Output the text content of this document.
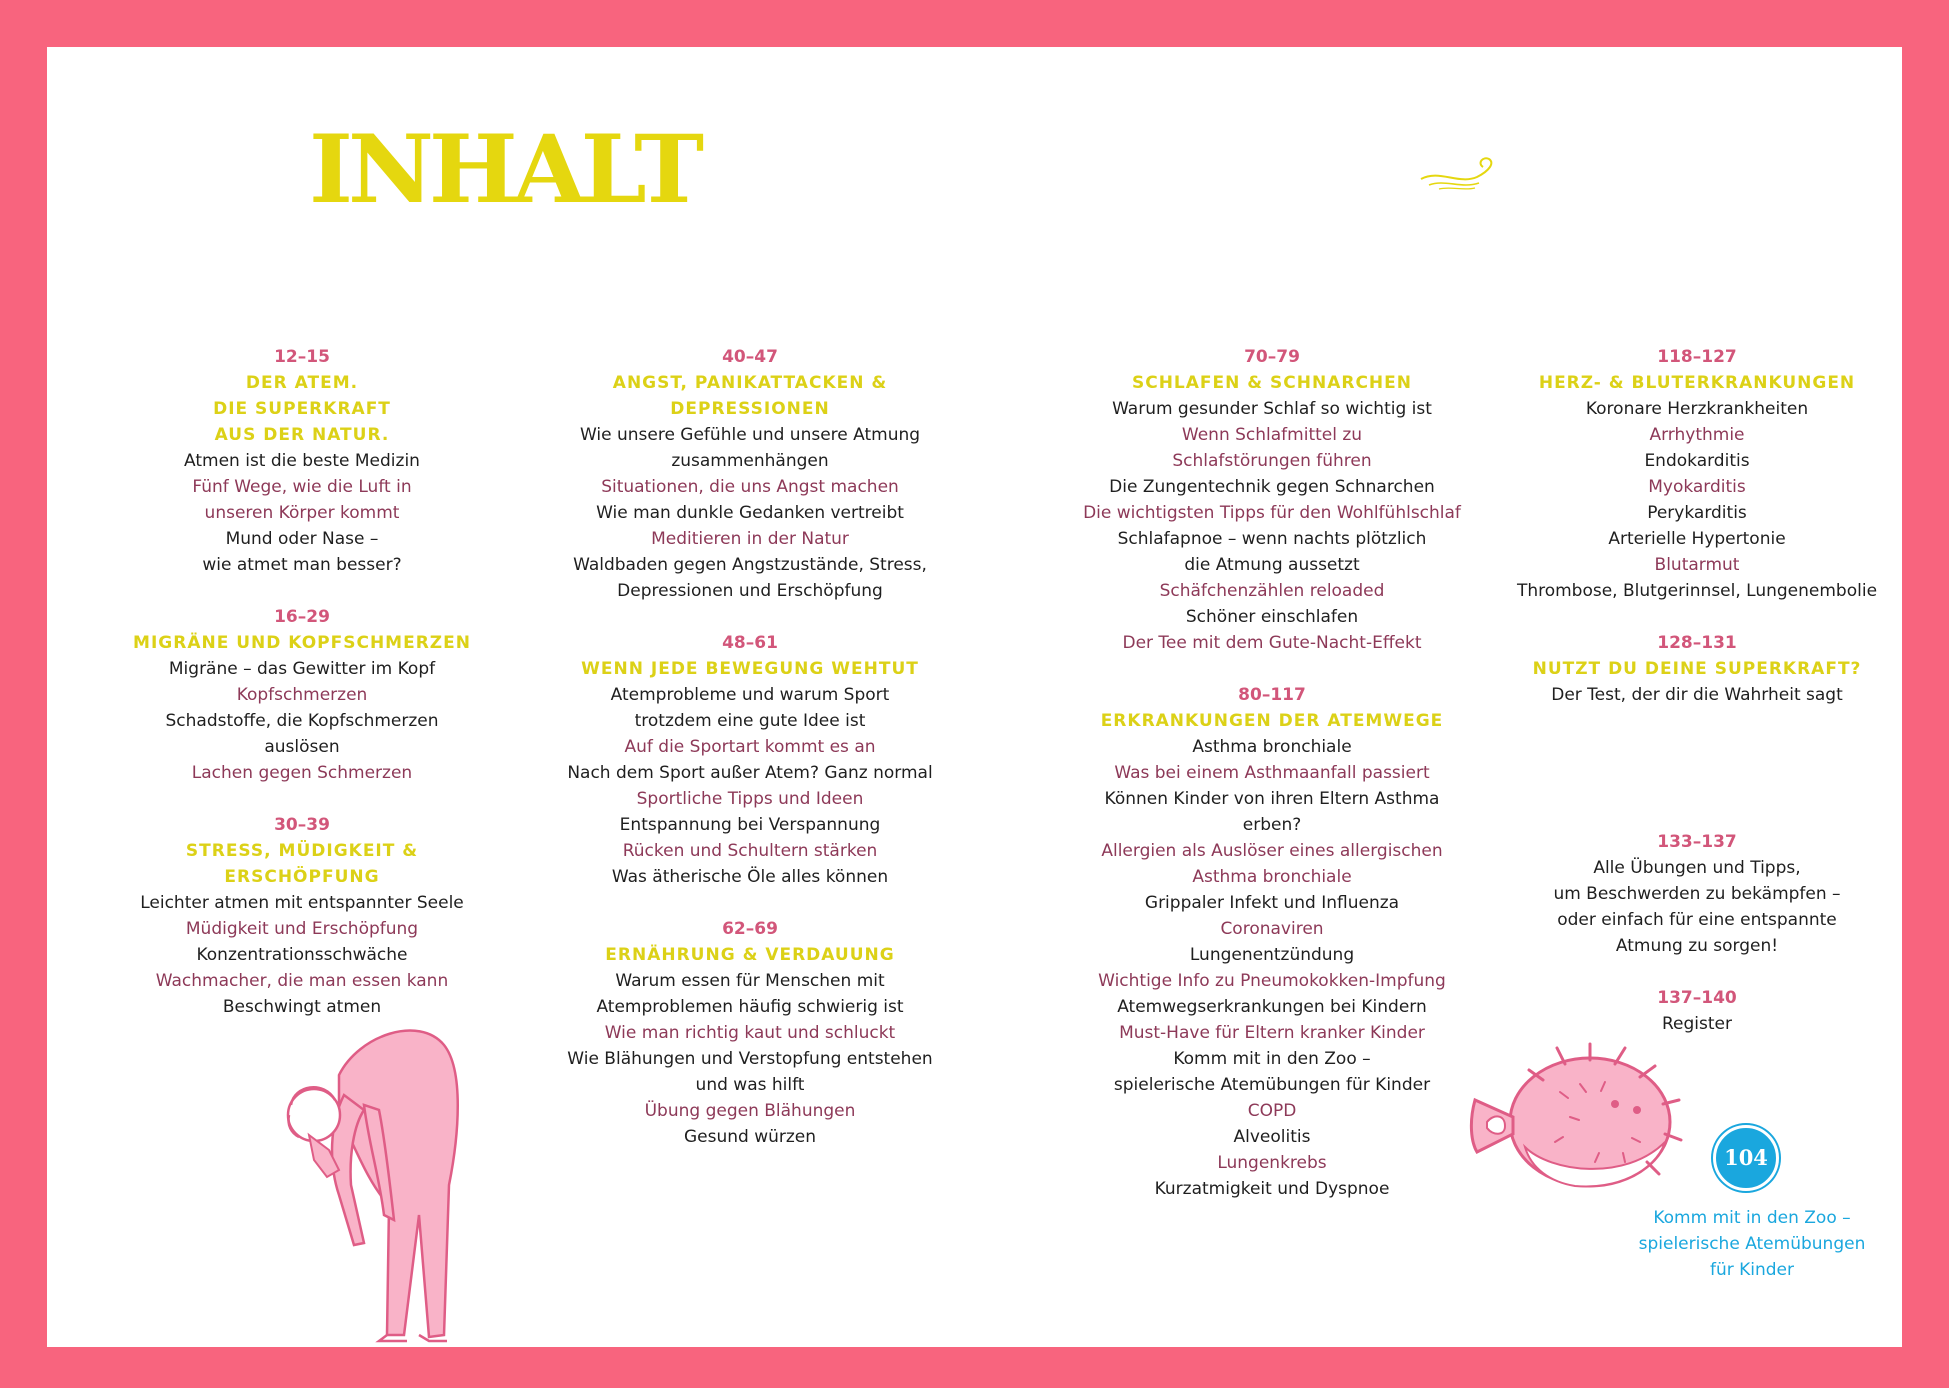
INHALT
12–15
DER ATEM.
DIE SUPERKRAFT
AUS DER NATUR.
Atmen ist die beste Medizin
Fünf Wege, wie die Luft in
unseren Körper kommt
Mund oder Nase –
wie atmet man besser?
16–29
MIGRÄNE UND KOPFSCHMERZEN
Migräne – das Gewitter im Kopf
Kopfschmerzen
Schadstoffe, die Kopfschmerzen
auslösen
Lachen gegen Schmerzen
30–39
STRESS, MÜDIGKEIT &
ERSCHÖPFUNG
Leichter atmen mit entspannter Seele
Müdigkeit und Erschöpfung
Konzentrationsschwäche
Wachmacher, die man essen kann
Beschwingt atmen
40–47
ANGST, PANIKATTACKEN &
DEPRESSIONEN
Wie unsere Gefühle und unsere Atmung
zusammenhängen
Situationen, die uns Angst machen
Wie man dunkle Gedanken vertreibt
Meditieren in der Natur
Waldbaden gegen Angstzustände, Stress,
Depressionen und Erschöpfung
48–61
WENN JEDE BEWEGUNG WEHTUT
Atemprobleme und warum Sport
trotzdem eine gute Idee ist
Auf die Sportart kommt es an
Nach dem Sport außer Atem? Ganz normal
Sportliche Tipps und Ideen
Entspannung bei Verspannung
Rücken und Schultern stärken
Was ätherische Öle alles können
62–69
ERNÄHRUNG & VERDAUUNG
Warum essen für Menschen mit
Atemproblemen häufig schwierig ist
Wie man richtig kaut und schluckt
Wie Blähungen und Verstopfung entstehen
und was hilft
Übung gegen Blähungen
Gesund würzen
70–79
SCHLAFEN & SCHNARCHEN
Warum gesunder Schlaf so wichtig ist
Wenn Schlafmittel zu
Schlafstörungen führen
Die Zungentechnik gegen Schnarchen
Die wichtigsten Tipps für den Wohlfühlschlaf
Schlafapnoe – wenn nachts plötzlich
die Atmung aussetzt
Schäfchenzählen reloaded
Schöner einschlafen
Der Tee mit dem Gute-Nacht-Effekt
80–117
ERKRANKUNGEN DER ATEMWEGE
Asthma bronchiale
Was bei einem Asthmaanfall passiert
Können Kinder von ihren Eltern Asthma
erben?
Allergien als Auslöser eines allergischen
Asthma bronchiale
Grippaler Infekt und Influenza
Coronaviren
Lungenentzündung
Wichtige Info zu Pneumokokken-Impfung
Atemwegserkrankungen bei Kindern
Must-Have für Eltern kranker Kinder
Komm mit in den Zoo –
spielerische Atemübungen für Kinder
COPD
Alveolitis
Lungenkrebs
Kurzatmigkeit und Dyspnoe
118–127
HERZ- & BLUTERKRANKUNGEN
Koronare Herzkrankheiten
Arrhythmie
Endokarditis
Myokarditis
Perykarditis
Arterielle Hypertonie
Blutarmut
Thrombose, Blutgerinnsel, Lungenembolie
128–131
NUTZT DU DEINE SUPERKRAFT?
Der Test, der dir die Wahrheit sagt
133–137
Alle Übungen und Tipps,
um Beschwerden zu bekämpfen –
oder einfach für eine entspannte
Atmung zu sorgen!
137–140
Register
104
Komm mit in den Zoo –
spielerische Atemübungen
für Kinder
